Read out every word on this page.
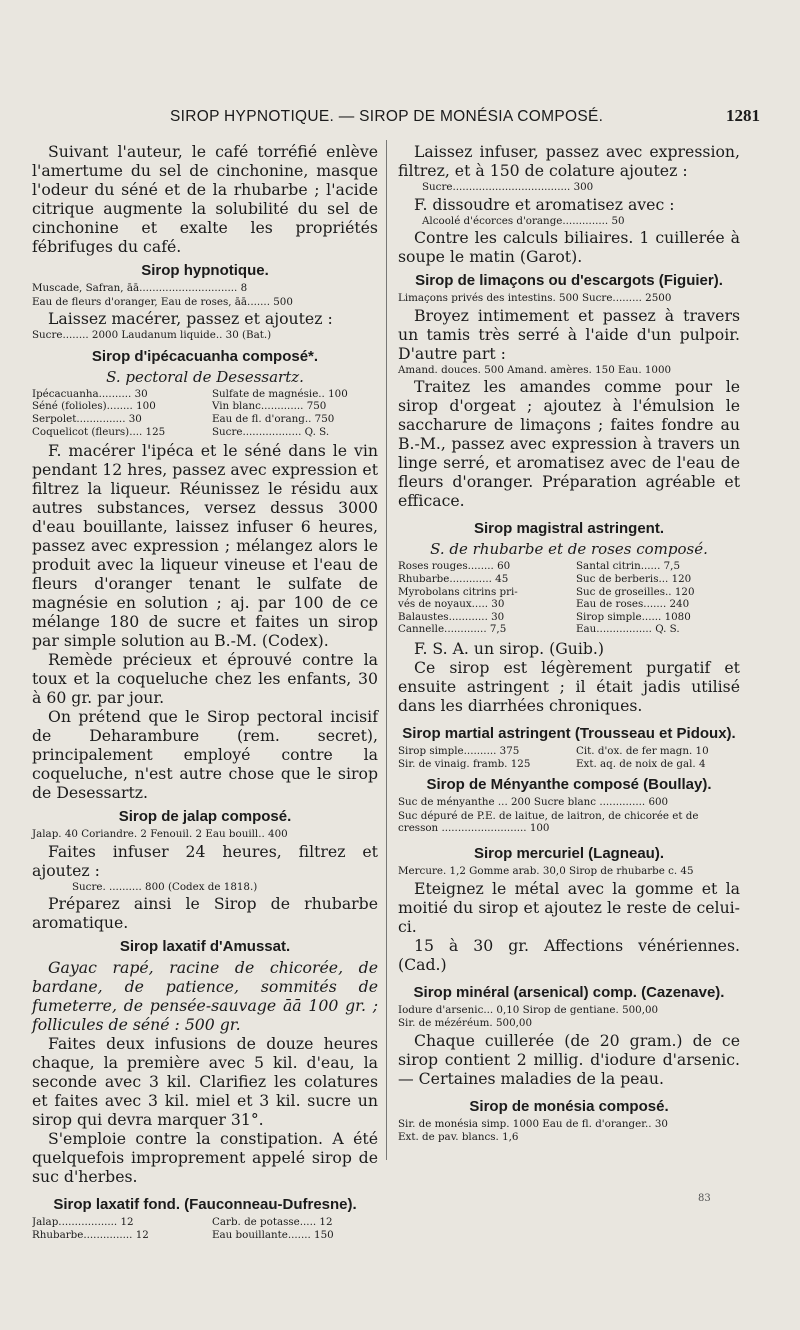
SIROP HYPNOTIQUE. — SIROP DE MONÉSIA COMPOSÉ.	1281

Suivant l'auteur, le café torréfié enlève l'amertume du sel de cinchonine, masque l'odeur du séné et de la rhubarbe ; l'acide citrique augmente la solubilité du sel de cinchonine et exalte les propriétés fébrifuges du café.

Sirop hypnotique.
Muscade, Safran, āā.............................. 8
Eau de fleurs d'oranger, Eau de roses, āā....... 500

Laissez macérer, passez et ajoutez :

Sucre........ 2000 Laudanum liquide.. 30 (Bat.)
Sirop d'ipécacuanha composé*.
S. pectoral de Desessartz.
Ipécacuanha.......... 30	Sulfate de magnésie.. 100
Séné (folioles)........ 100	Vin blanc............. 750
Serpolet............... 30	Eau de fl. d'orang.. 750
Coquelicot (fleurs).... 125	Sucre.................. Q. S.

F. macérer l'ipéca et le séné dans le vin pendant 12 hres, passez avec expression et filtrez la liqueur. Réunissez le résidu aux autres substances, versez dessus 3000 d'eau bouillante, laissez infuser 6 heures, passez avec expression ; mélangez alors le produit avec la liqueur vineuse et l'eau de fleurs d'oranger tenant le sulfate de magnésie en solution ; aj. par 100 de ce mélange 180 de sucre et faites un sirop par simple solution au B.-M. (Codex).

Remède précieux et éprouvé contre la toux et la coqueluche chez les enfants, 30 à 60 gr. par jour.

On prétend que le Sirop pectoral incisif de Deharambure (rem. secret), principalement employé contre la coqueluche, n'est autre chose que le sirop de Desessartz.

Sirop de jalap composé.
Jalap. 40 Coriandre. 2 Fenouil. 2 Eau bouill.. 400

Faites infuser 24 heures, filtrez et ajoutez :

Sucre. .......... 800 (Codex de 1818.)

Préparez ainsi le Sirop de rhubarbe aromatique.

Sirop laxatif d'Amussat.

Gayac rapé, racine de chicorée, de bardane, de patience, sommités de fumeterre, de pensée-sauvage āā 100 gr. ; follicules de séné : 500 gr.

Faites deux infusions de douze heures chaque, la première avec 5 kil. d'eau, la seconde avec 3 kil. Clarifiez les colatures et faites avec 3 kil. miel et 3 kil. sucre un sirop qui devra marquer 31°.

S'emploie contre la constipation. A été quelquefois improprement appelé sirop de suc d'herbes.

Sirop laxatif fond. (Fauconneau-Dufresne).
Jalap.................. 12	Carb. de potasse..... 12
Rhubarbe............... 12	Eau bouillante....... 150

Laissez infuser, passez avec expression, filtrez, et à 150 de colature ajoutez :

Sucre.................................... 300

F. dissoudre et aromatisez avec :

Alcoolé d'écorces d'orange.............. 50

Contre les calculs biliaires. 1 cuillerée à soupe le matin (Garot).

Sirop de limaçons ou d'escargots (Figuier).
Limaçons privés des intestins. 500 Sucre......... 2500

Broyez intimement et passez à travers un tamis très serré à l'aide d'un pulpoir. D'autre part :

Amand. douces. 500 Amand. amères. 150 Eau. 1000

Traitez les amandes comme pour le sirop d'orgeat ; ajoutez à l'émulsion le saccharure de limaçons ; faites fondre au B.-M., passez avec expression à travers un linge serré, et aromatisez avec de l'eau de fleurs d'oranger. Préparation agréable et efficace.

Sirop magistral astringent.
S. de rhubarbe et de roses composé.
Roses rouges........ 60	Santal citrin...... 7,5
Rhubarbe............. 45	Suc de berberis... 120
Myrobolans citrins pri-	Suc de groseilles.. 120
vés de noyaux..... 30	Eau de roses....... 240
Balaustes............ 30	Sirop simple...... 1080
Cannelle............. 7,5	Eau................. Q. S.

F. S. A. un sirop. (Guib.)

Ce sirop est légèrement purgatif et ensuite astringent ; il était jadis utilisé dans les diarrhées chroniques.

Sirop martial astringent (Trousseau et Pidoux).
Sirop simple.......... 375	Cit. d'ox. de fer magn. 10
Sir. de vinaig. framb. 125	Ext. aq. de noix de gal. 4
Sirop de Ményanthe composé (Boullay).
Suc de ményanthe ... 200 Sucre blanc .............. 600
Suc dépuré de P.E. de laitue, de laitron, de chicorée et de cresson .......................... 100
Sirop mercuriel (Lagneau).
Mercure. 1,2 Gomme arab. 30,0 Sirop de rhubarbe c. 45

Eteignez le métal avec la gomme et la moitié du sirop et ajoutez le reste de celui-ci.

15 à 30 gr. Affections vénériennes. (Cad.)

Sirop minéral (arsenical) comp. (Cazenave).
Iodure d'arsenic... 0,10 Sirop de gentiane. 500,00
Sir. de mézéréum. 500,00

Chaque cuillerée (de 20 gram.) de ce sirop contient 2 millig. d'iodure d'arsenic. — Certaines maladies de la peau.

Sirop de monésia composé.
Sir. de monésia simp. 1000 Eau de fl. d'oranger.. 30
Ext. de pav. blancs. 1,6
83
